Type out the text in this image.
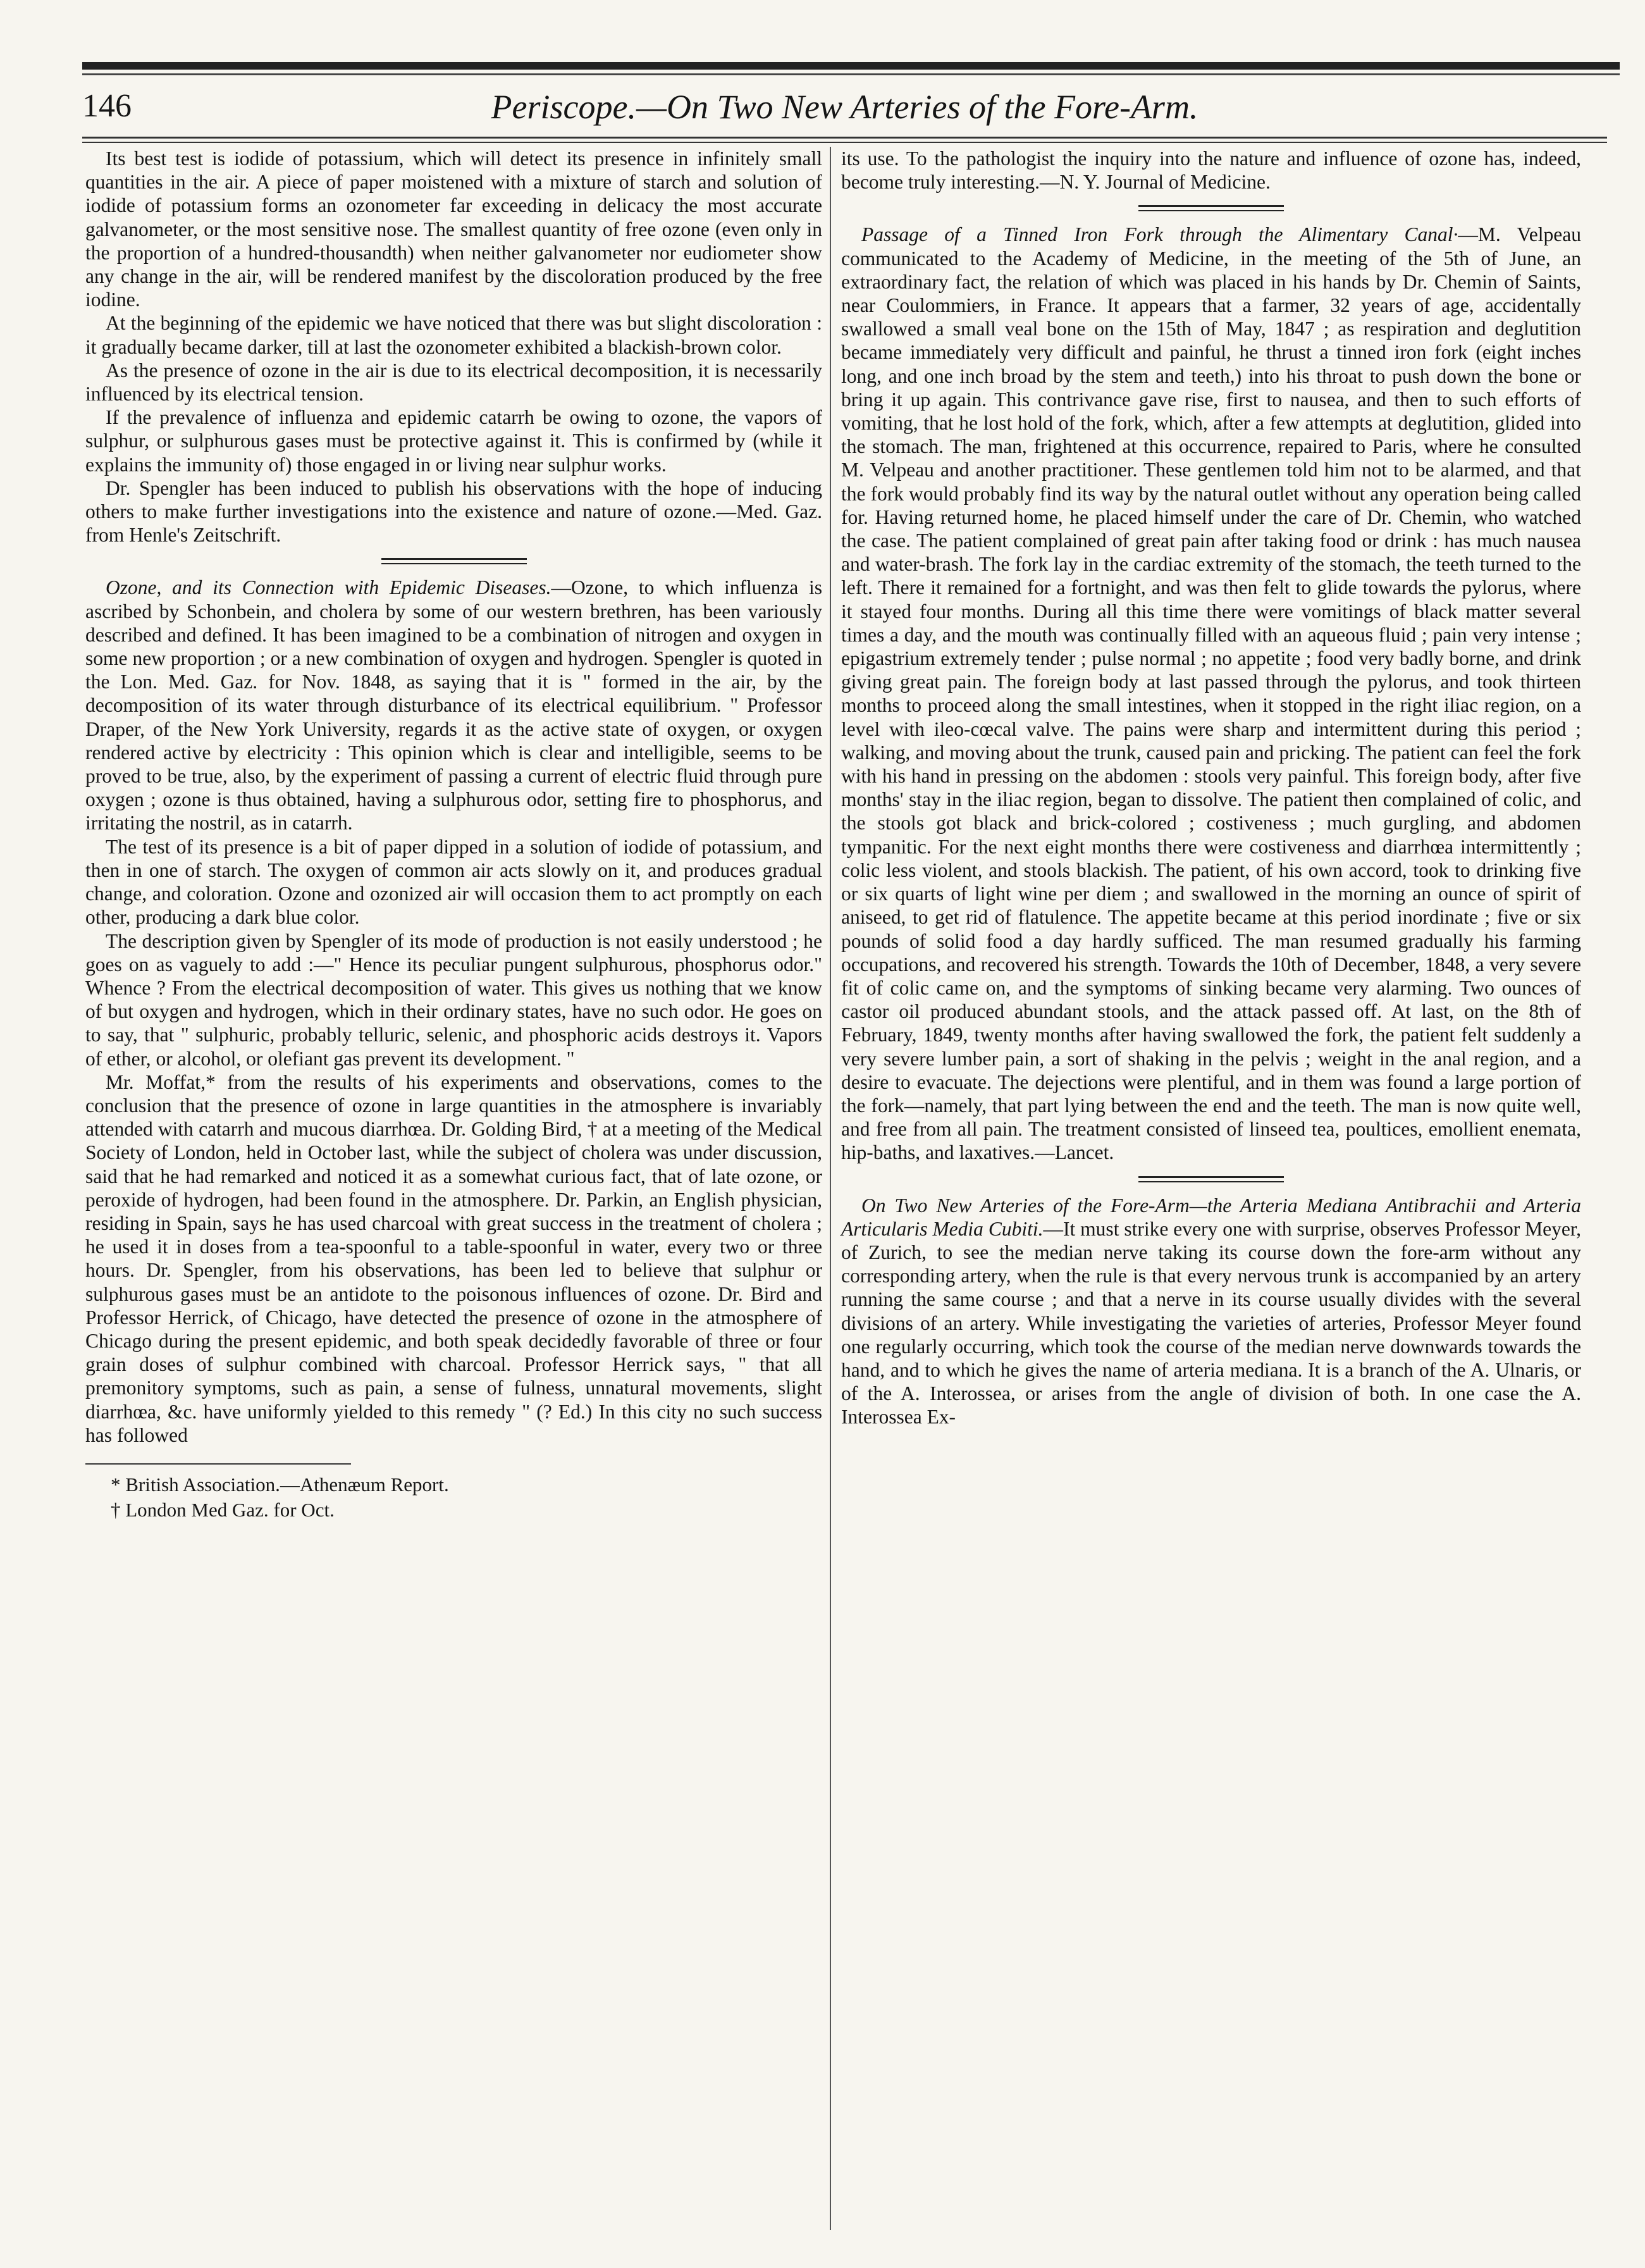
Periscope.—On Two New Arteries of the Fore-Arm.
146

Its best test is iodide of potassium, which will detect its presence in infinitely small quantities in the air. A piece of paper moistened with a mixture of starch and solution of iodide of potassium forms an ozonometer far exceeding in delicacy the most accurate galvanometer, or the most sensitive nose. The smallest quantity of free ozone (even only in the proportion of a hundred-thousandth) when neither galvanometer nor eudiometer show any change in the air, will be rendered manifest by the discoloration produced by the free iodine.

At the beginning of the epidemic we have noticed that there was but slight discoloration : it gradually became darker, till at last the ozonometer exhibited a blackish-brown color.

As the presence of ozone in the air is due to its electrical decomposition, it is necessarily influenced by its electrical tension.

If the prevalence of influenza and epidemic catarrh be owing to ozone, the vapors of sulphur, or sulphurous gases must be protective against it. This is confirmed by (while it explains the immunity of) those engaged in or living near sulphur works.

Dr. Spengler has been induced to publish his observations with the hope of inducing others to make further investigations into the existence and nature of ozone.—Med. Gaz. from Henle's Zeitschrift.

Ozone, and its Connection with Epidemic Diseases.—Ozone, to which influenza is ascribed by Schonbein, and cholera by some of our western brethren, has been variously described and defined. It has been imagined to be a combination of nitrogen and oxygen in some new proportion ; or a new combination of oxygen and hydrogen. Spengler is quoted in the Lon. Med. Gaz. for Nov. 1848, as saying that it is " formed in the air, by the decomposition of its water through disturbance of its electrical equilibrium. " Professor Draper, of the New York University, regards it as the active state of oxygen, or oxygen rendered active by electricity : This opinion which is clear and intelligible, seems to be proved to be true, also, by the experiment of passing a current of electric fluid through pure oxygen ; ozone is thus obtained, having a sulphurous odor, setting fire to phosphorus, and irritating the nostril, as in catarrh.

The test of its presence is a bit of paper dipped in a solution of iodide of potassium, and then in one of starch. The oxygen of common air acts slowly on it, and produces gradual change, and coloration. Ozone and ozonized air will occasion them to act promptly on each other, producing a dark blue color.

The description given by Spengler of its mode of production is not easily understood ; he goes on as vaguely to add :—" Hence its peculiar pungent sulphurous, phosphorus odor." Whence ? From the electrical decomposition of water. This gives us nothing that we know of but oxygen and hydrogen, which in their ordinary states, have no such odor. He goes on to say, that " sulphuric, probably telluric, selenic, and phosphoric acids destroys it. Vapors of ether, or alcohol, or olefiant gas prevent its development. "

Mr. Moffat,* from the results of his experiments and observations, comes to the conclusion that the presence of ozone in large quantities in the atmosphere is invariably attended with catarrh and mucous diarrhœa. Dr. Golding Bird, † at a meeting of the Medical Society of London, held in October last, while the subject of cholera was under discussion, said that he had remarked and noticed it as a somewhat curious fact, that of late ozone, or peroxide of hydrogen, had been found in the atmosphere. Dr. Parkin, an English physician, residing in Spain, says he has used charcoal with great success in the treatment of cholera ; he used it in doses from a tea-spoonful to a table-spoonful in water, every two or three hours. Dr. Spengler, from his observations, has been led to believe that sulphur or sulphurous gases must be an antidote to the poisonous influences of ozone. Dr. Bird and Professor Herrick, of Chicago, have detected the presence of ozone in the atmosphere of Chicago during the present epidemic, and both speak decidedly favorable of three or four grain doses of sulphur combined with charcoal. Professor Herrick says, " that all premonitory symptoms, such as pain, a sense of fulness, unnatural movements, slight diarrhœa, &c. have uniformly yielded to this remedy " (? Ed.) In this city no such success has followed

* British Association.—Athenæum Report.

† London Med Gaz. for Oct.

its use. To the pathologist the inquiry into the nature and influence of ozone has, indeed, become truly interesting.—N. Y. Journal of Medicine.

Passage of a Tinned Iron Fork through the Alimentary Canal·—M. Velpeau communicated to the Academy of Medicine, in the meeting of the 5th of June, an extraordinary fact, the relation of which was placed in his hands by Dr. Chemin of Saints, near Coulommiers, in France. It appears that a farmer, 32 years of age, accidentally swallowed a small veal bone on the 15th of May, 1847 ; as respiration and deglutition became immediately very difficult and painful, he thrust a tinned iron fork (eight inches long, and one inch broad by the stem and teeth,) into his throat to push down the bone or bring it up again. This contrivance gave rise, first to nausea, and then to such efforts of vomiting, that he lost hold of the fork, which, after a few attempts at deglutition, glided into the stomach. The man, frightened at this occurrence, repaired to Paris, where he consulted M. Velpeau and another practitioner. These gentlemen told him not to be alarmed, and that the fork would probably find its way by the natural outlet without any operation being called for. Having returned home, he placed himself under the care of Dr. Chemin, who watched the case. The patient complained of great pain after taking food or drink : has much nausea and water-brash. The fork lay in the cardiac extremity of the stomach, the teeth turned to the left. There it remained for a fortnight, and was then felt to glide towards the pylorus, where it stayed four months. During all this time there were vomitings of black matter several times a day, and the mouth was continually filled with an aqueous fluid ; pain very intense ; epigastrium extremely tender ; pulse normal ; no appetite ; food very badly borne, and drink giving great pain. The foreign body at last passed through the pylorus, and took thirteen months to proceed along the small intestines, when it stopped in the right iliac region, on a level with ileo-cœcal valve. The pains were sharp and intermittent during this period ; walking, and moving about the trunk, caused pain and pricking. The patient can feel the fork with his hand in pressing on the abdomen : stools very painful. This foreign body, after five months' stay in the iliac region, began to dissolve. The patient then complained of colic, and the stools got black and brick-colored ; costiveness ; much gurgling, and abdomen tympanitic. For the next eight months there were costiveness and diarrhœa intermittently ; colic less violent, and stools blackish. The patient, of his own accord, took to drinking five or six quarts of light wine per diem ; and swallowed in the morning an ounce of spirit of aniseed, to get rid of flatulence. The appetite became at this period inordinate ; five or six pounds of solid food a day hardly sufficed. The man resumed gradually his farming occupations, and recovered his strength. Towards the 10th of December, 1848, a very severe fit of colic came on, and the symptoms of sinking became very alarming. Two ounces of castor oil produced abundant stools, and the attack passed off. At last, on the 8th of February, 1849, twenty months after having swallowed the fork, the patient felt suddenly a very severe lumber pain, a sort of shaking in the pelvis ; weight in the anal region, and a desire to evacuate. The dejections were plentiful, and in them was found a large portion of the fork—namely, that part lying between the end and the teeth. The man is now quite well, and free from all pain. The treatment consisted of linseed tea, poultices, emollient enemata, hip-baths, and laxatives.—Lancet.

On Two New Arteries of the Fore-Arm—the Arteria Mediana Antibrachii and Arteria Articularis Media Cubiti.—It must strike every one with surprise, observes Professor Meyer, of Zurich, to see the median nerve taking its course down the fore-arm without any corresponding artery, when the rule is that every nervous trunk is accompanied by an artery running the same course ; and that a nerve in its course usually divides with the several divisions of an artery. While investigating the varieties of arteries, Professor Meyer found one regularly occurring, which took the course of the median nerve downwards towards the hand, and to which he gives the name of arteria mediana. It is a branch of the A. Ulnaris, or of the A. Interossea, or arises from the angle of division of both. In one case the A. Interossea Ex-
